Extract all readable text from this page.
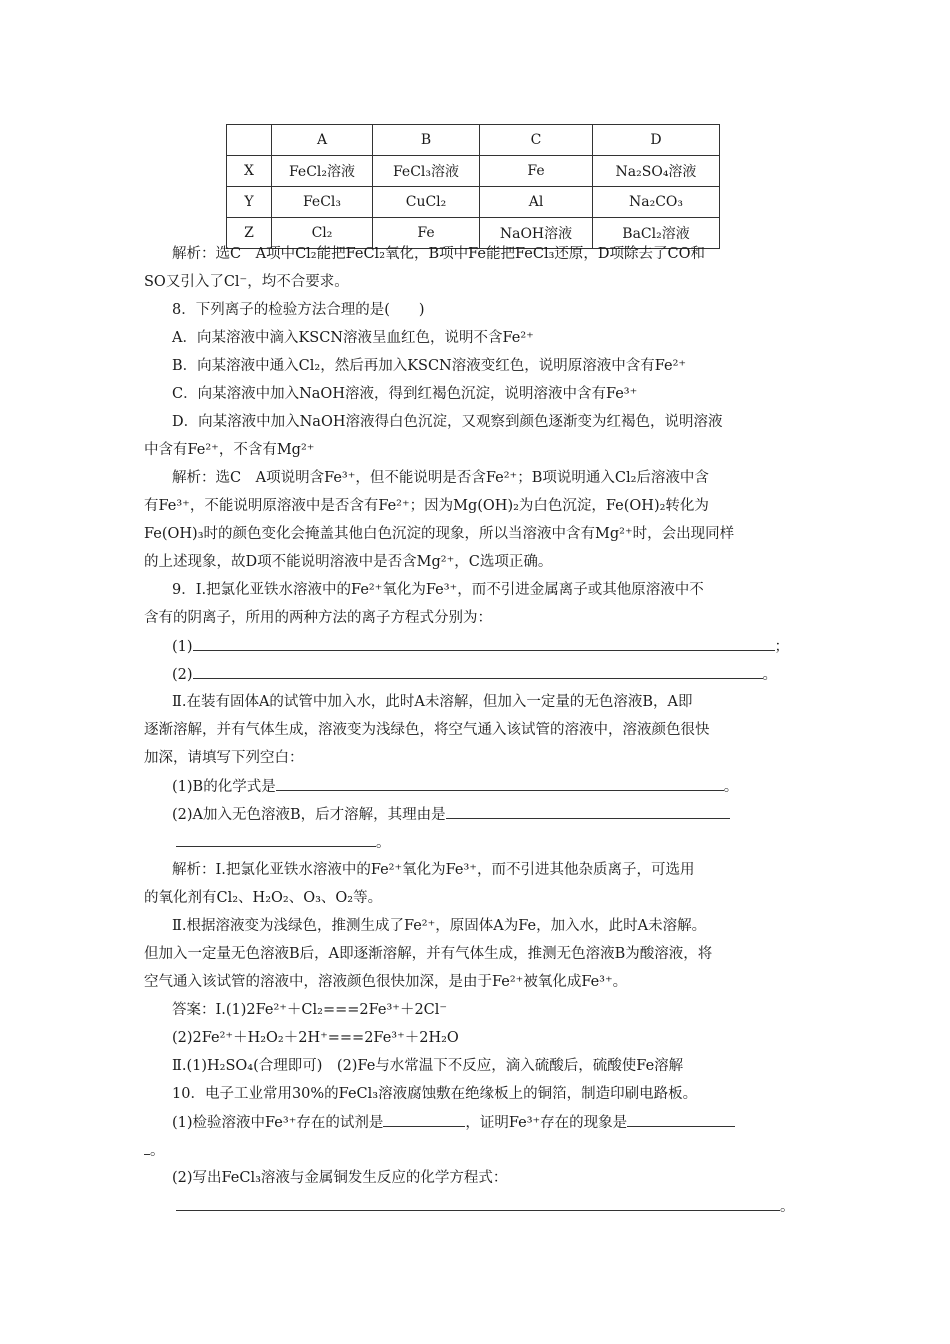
	A	B	C	D
X	FeCl₂溶液	FeCl₃溶液	Fe	Na₂SO₄溶液
Y	FeCl₃	CuCl₂	Al	Na₂CO₃
Z	Cl₂	Fe	NaOH溶液	BaCl₂溶液
解析：选C　A项中Cl₂能把FeCl₂氧化，B项中Fe能把FeCl₃还原，D项除去了CO和
SO又引入了Cl⁻，均不合要求。
8．下列离子的检验方法合理的是(　　)
A．向某溶液中滴入KSCN溶液呈血红色，说明不含Fe²⁺
B．向某溶液中通入Cl₂，然后再加入KSCN溶液变红色，说明原溶液中含有Fe²⁺
C．向某溶液中加入NaOH溶液，得到红褐色沉淀，说明溶液中含有Fe³⁺
D．向某溶液中加入NaOH溶液得白色沉淀，又观察到颜色逐渐变为红褐色，说明溶液
中含有Fe²⁺，不含有Mg²⁺
解析：选C　A项说明含Fe³⁺，但不能说明是否含Fe²⁺；B项说明通入Cl₂后溶液中含
有Fe³⁺，不能说明原溶液中是否含有Fe²⁺；因为Mg(OH)₂为白色沉淀，Fe(OH)₂转化为
Fe(OH)₃时的颜色变化会掩盖其他白色沉淀的现象，所以当溶液中含有Mg²⁺时，会出现同样
的上述现象，故D项不能说明溶液中是否含Mg²⁺，C选项正确。
9．Ⅰ.把氯化亚铁水溶液中的Fe²⁺氧化为Fe³⁺，而不引进金属离子或其他原溶液中不
含有的阴离子，所用的两种方法的离子方程式分别为：
(1)	；
(2)	。
Ⅱ.在装有固体A的试管中加入水，此时A未溶解，但加入一定量的无色溶液B，A即
逐渐溶解，并有气体生成，溶液变为浅绿色，将空气通入该试管的溶液中，溶液颜色很快
加深，请填写下列空白：
(1)B的化学式是	。
(2)A加入无色溶液B，后才溶解，其理由是
。
解析：Ⅰ.把氯化亚铁水溶液中的Fe²⁺氧化为Fe³⁺，而不引进其他杂质离子，可选用
的氧化剂有Cl₂、H₂O₂、O₃、O₂等。
Ⅱ.根据溶液变为浅绿色，推测生成了Fe²⁺，原固体A为Fe，加入水，此时A未溶解。
但加入一定量无色溶液B后，A即逐渐溶解，并有气体生成，推测无色溶液B为酸溶液，将
空气通入该试管的溶液中，溶液颜色很快加深，是由于Fe²⁺被氧化成Fe³⁺。
答案：Ⅰ.(1)2Fe²⁺＋Cl₂===2Fe³⁺＋2Cl⁻
(2)2Fe²⁺＋H₂O₂＋2H⁺===2Fe³⁺＋2H₂O
Ⅱ.(1)H₂SO₄(合理即可)　(2)Fe与水常温下不反应，滴入硫酸后，硫酸使Fe溶解
10．电子工业常用30%的FeCl₃溶液腐蚀敷在绝缘板上的铜箔，制造印刷电路板。
(1)检验溶液中Fe³⁺存在的试剂是	，证明Fe³⁺存在的现象是
。
(2)写出FeCl₃溶液与金属铜发生反应的化学方程式：
。
